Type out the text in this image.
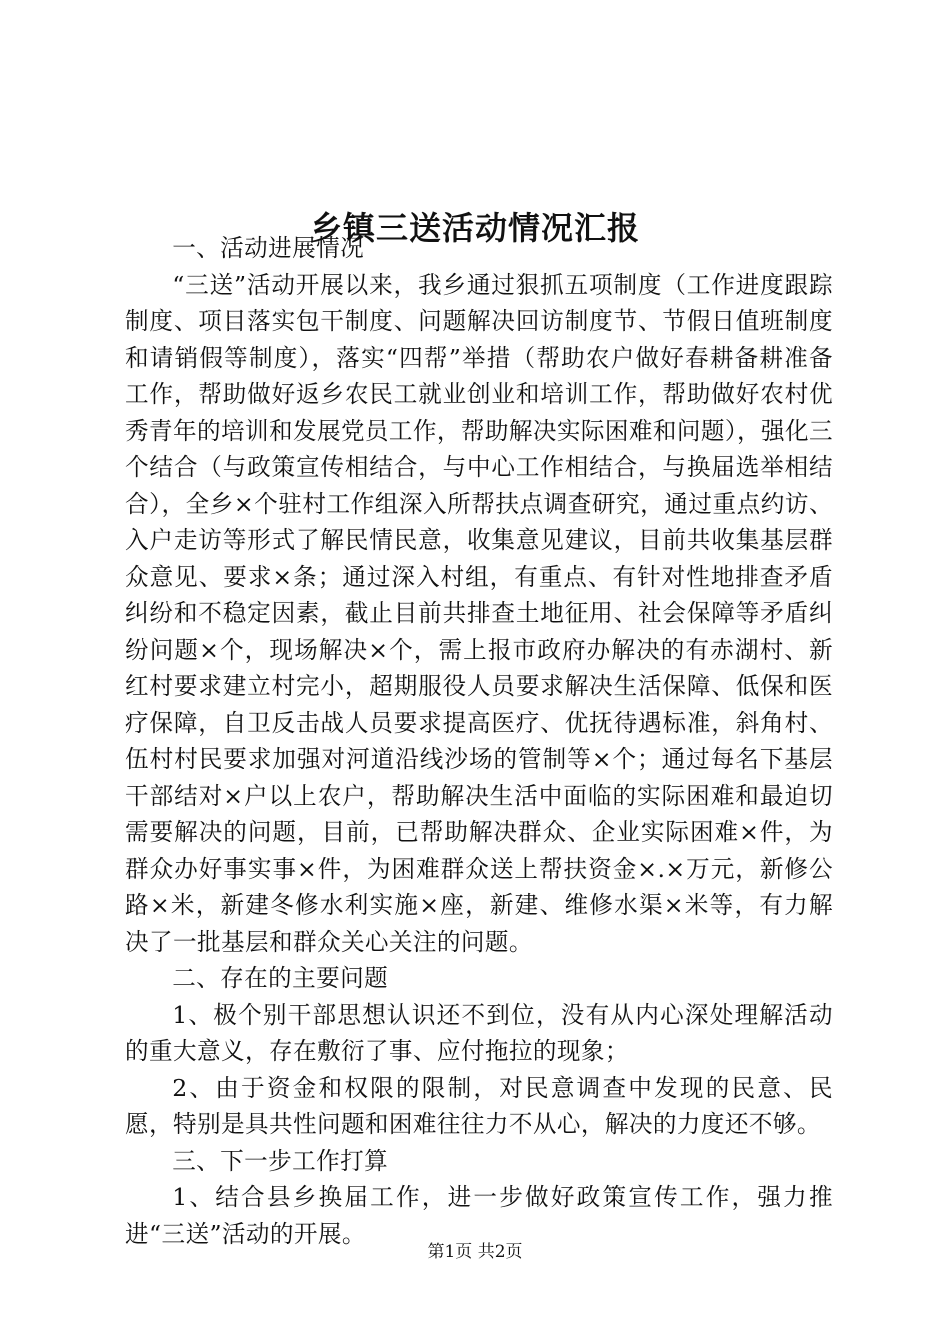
乡镇三送活动情况汇报

一、活动进展情况

“三送”活动开展以来，我乡通过狠抓五项制度（工作进度跟踪制度、项目落实包干制度、问题解决回访制度节、节假日值班制度和请销假等制度），落实“四帮”举措（帮助农户做好春耕备耕准备工作，帮助做好返乡农民工就业创业和培训工作，帮助做好农村优秀青年的培训和发展党员工作，帮助解决实际困难和问题），强化三个结合（与政策宣传相结合，与中心工作相结合，与换届选举相结合），全乡×个驻村工作组深入所帮扶点调查研究，通过重点约访、入户走访等形式了解民情民意，收集意见建议，目前共收集基层群众意见、要求×条；通过深入村组，有重点、有针对性地排查矛盾纠纷和不稳定因素，截止目前共排查土地征用、社会保障等矛盾纠纷问题×个，现场解决×个，需上报市政府办解决的有赤湖村、新红村要求建立村完小，超期服役人员要求解决生活保障、低保和医疗保障，自卫反击战人员要求提高医疗、优抚待遇标准，斜角村、伍村村民要求加强对河道沿线沙场的管制等×个；通过每名下基层干部结对×户以上农户，帮助解决生活中面临的实际困难和最迫切需要解决的问题，目前，已帮助解决群众、企业实际困难×件，为群众办好事实事×件，为困难群众送上帮扶资金×.×万元，新修公路×米，新建冬修水利实施×座，新建、维修水渠×米等，有力解决了一批基层和群众关心关注的问题。

二、存在的主要问题

1、极个别干部思想认识还不到位，没有从内心深处理解活动的重大意义，存在敷衍了事、应付拖拉的现象；

2、由于资金和权限的限制，对民意调查中发现的民意、民愿，特别是具共性问题和困难往往力不从心，解决的力度还不够。

三、下一步工作打算

1、结合县乡换届工作，进一步做好政策宣传工作，强力推进“三送”活动的开展。

第1页 共2页
